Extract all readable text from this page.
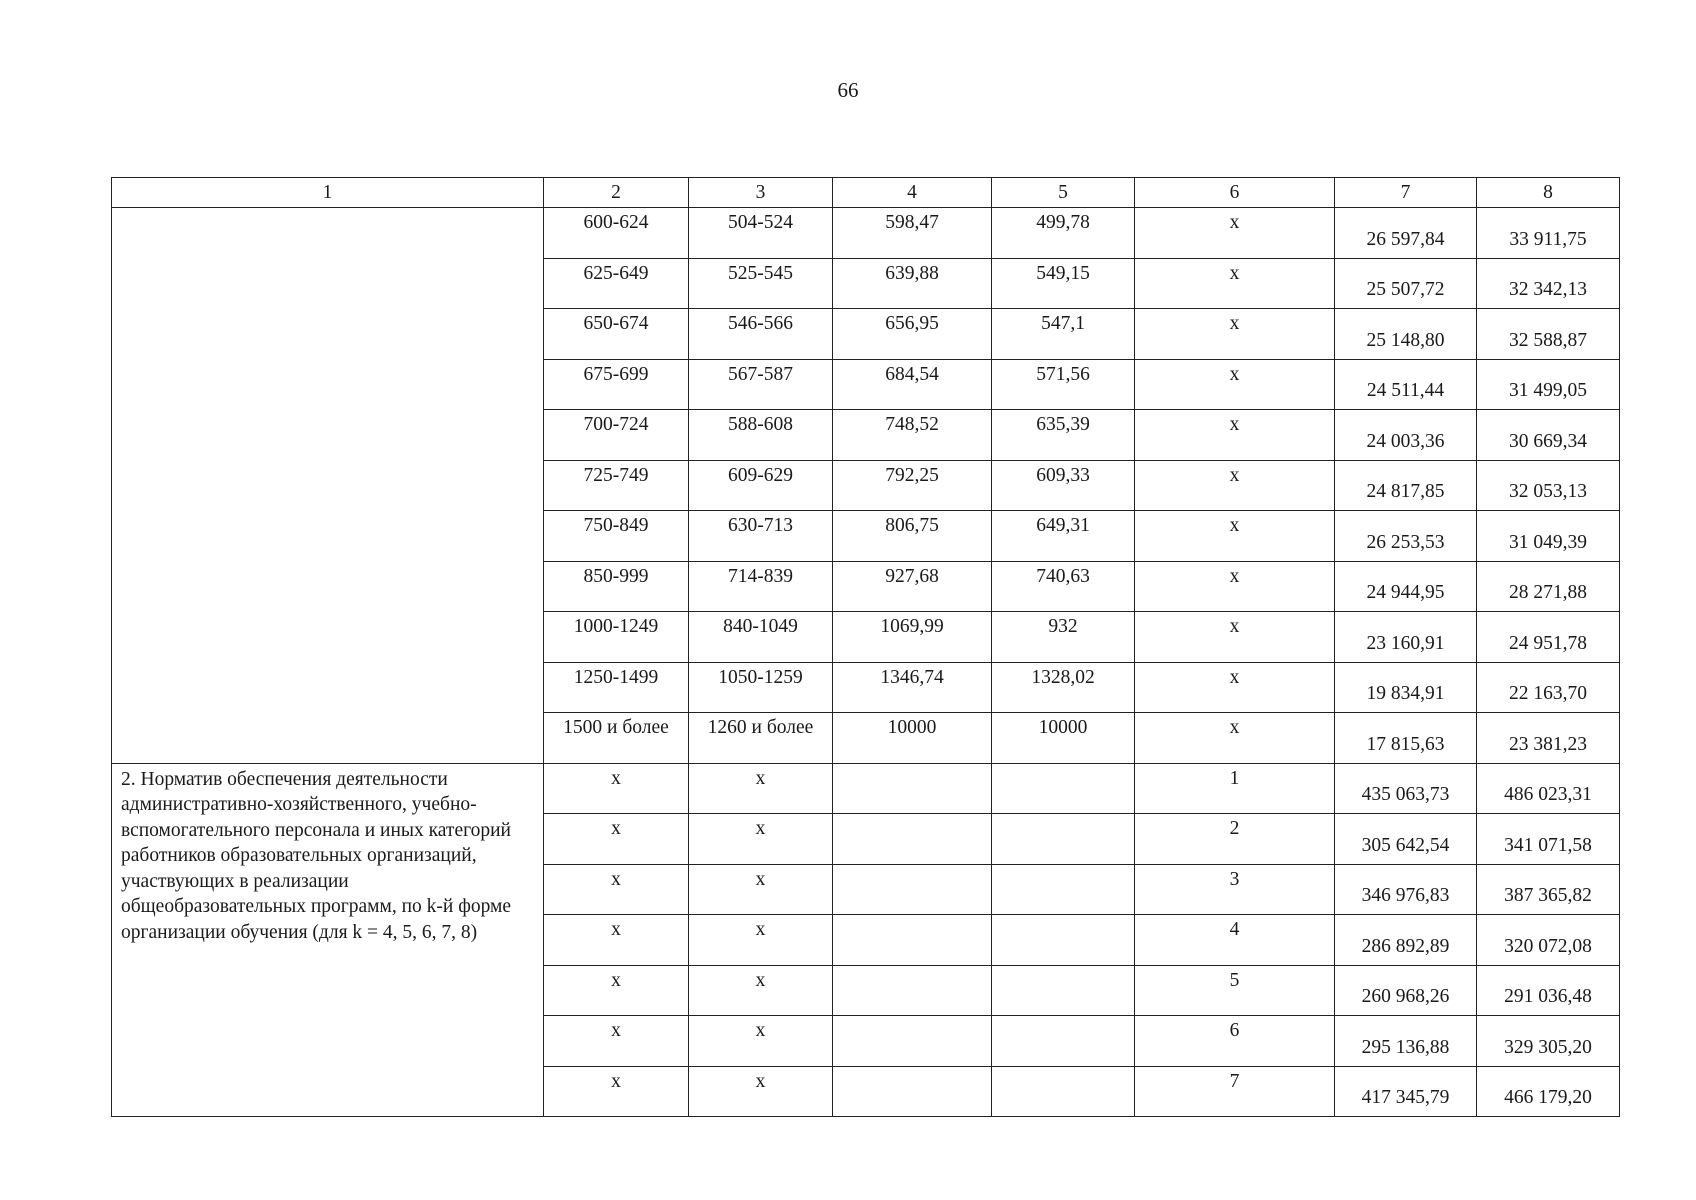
66
1	2	3	4	5	6	7	8
	600-624	504-524	598,47	499,78	x	26 597,84	33 911,75
	625-649	525-545	639,88	549,15	x	25 507,72	32 342,13
	650-674	546-566	656,95	547,1	x	25 148,80	32 588,87
	675-699	567-587	684,54	571,56	x	24 511,44	31 499,05
	700-724	588-608	748,52	635,39	x	24 003,36	30 669,34
	725-749	609-629	792,25	609,33	x	24 817,85	32 053,13
	750-849	630-713	806,75	649,31	x	26 253,53	31 049,39
	850-999	714-839	927,68	740,63	x	24 944,95	28 271,88
	1000-1249	840-1049	1069,99	932	x	23 160,91	24 951,78
	1250-1499	1050-1259	1346,74	1328,02	x	19 834,91	22 163,70
	1500 и более	1260 и более	10000	10000	x	17 815,63	23 381,23
2. Норматив обеспечения деятельности административно-хозяйственного, учебно-вспомогательного персонала и иных категорий работников образовательных организаций, участвующих в реализации общеобразовательных программ, по k-й форме организации обучения (для k = 4, 5, 6, 7, 8)	x	x			1	435 063,73	486 023,31
	x	x			2	305 642,54	341 071,58
	x	x			3	346 976,83	387 365,82
	x	x			4	286 892,89	320 072,08
	x	x			5	260 968,26	291 036,48
	x	x			6	295 136,88	329 305,20
	x	x			7	417 345,79	466 179,20
